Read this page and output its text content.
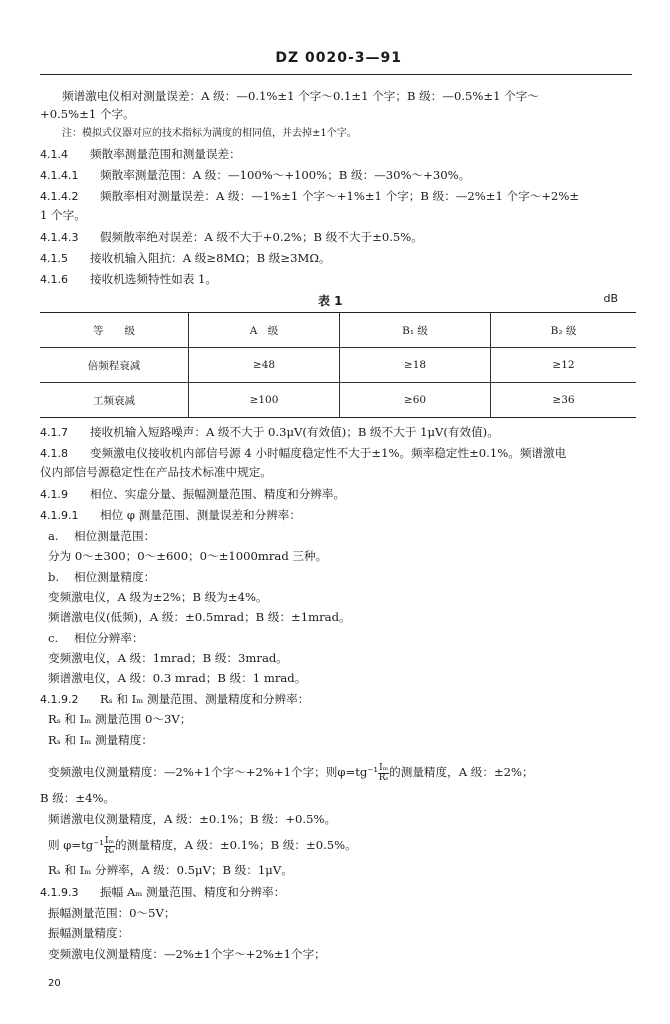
DZ 0020-3—91
频谱激电仪相对测量误差：A 级：—0.1%±1 个字～0.1±1 个字；B 级：—0.5%±1 个字～
+0.5%±1 个字。
注：模拟式仪器对应的技术指标为满度的相同值，并去掉±1个字。
4.1.4 频散率测量范围和测量误差：
4.1.4.1 频散率测量范围：A 级：—100%～+100%；B 级：—30%～+30%。
4.1.4.2 频散率相对测量误差：A 级：—1%±1 个字～+1%±1 个字；B 级：—2%±1 个字～+2%±
1 个字。
4.1.4.3 假频散率绝对误差：A 级不大于+0.2%；B 级不大于±0.5%。
4.1.5 接收机输入阻抗：A 级≥8MΩ；B 级≥3MΩ。
4.1.6 接收机选频特性如表 1。
表 1	dB
等　　级	A　级	B₁ 级	B₂ 级
倍频程衰减	≥48	≥18	≥12
工频衰减	≥100	≥60	≥36
4.1.7 接收机输入短路噪声：A 级不大于 0.3μV(有效值)；B 级不大于 1μV(有效值)。
4.1.8 变频激电仪接收机内部信号源 4 小时幅度稳定性不大于±1%。频率稳定性±0.1%。频谱激电
仪内部信号源稳定性在产品技术标准中规定。
4.1.9 相位、实虚分量、振幅测量范围、精度和分辨率。
4.1.9.1 相位 φ 测量范围、测量误差和分辨率：
a. 相位测量范围：
分为 0～±300；0～±600；0～±1000mrad 三种。
b. 相位测量精度：
变频激电仪，A 级为±2%；B 级为±4%。
频谱激电仪(低频)，A 级：±0.5mrad；B 级：±1mrad。
c. 相位分辨率：
变频激电仪，A 级：1mrad；B 级：3mrad。
频谱激电仪，A 级：0.3 mrad；B 级：1 mrad。
4.1.9.2 Rₛ 和 Iₘ 测量范围、测量精度和分辨率：
Rₛ 和 Iₘ 测量范围 0～3V；
Rₛ 和 Iₘ 测量精度：
变频激电仪测量精度：—2%+1个字～+2%+1个字；则$\varphi=tg^{-1} \frac{\text{Iₘ}}{\text{Rₛ}}$ 的测量精度，A 级：±2%；
B 级：±4%。
频谱激电仪测量精度，A 级：±0.1%；B 级：+0.5%。
则 $\varphi=tg^{-1} \frac{\text{Iₘ}}{\text{Rₛ}}$ 的测量精度，A 级：±0.1%；B 级：±0.5%。
Rₛ 和 Iₘ 分辨率，A 级：0.5μV；B 级：1μV。
4.1.9.3 振幅 Aₘ 测量范围、精度和分辨率：
振幅测量范围：0～5V；
振幅测量精度：
变频激电仪测量精度：—2%±1个字～+2%±1个字；
20
